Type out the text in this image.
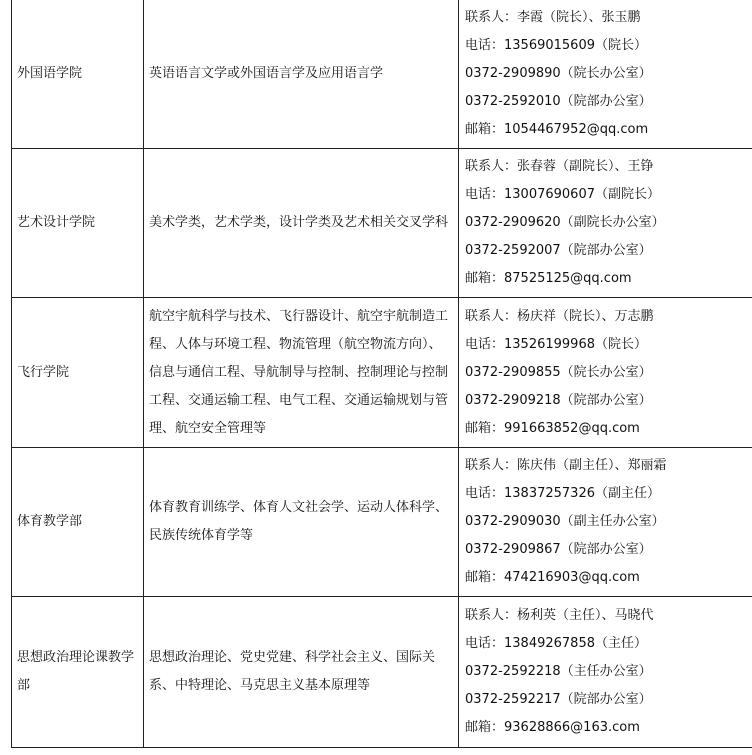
外国语学院	英语语言文学或外国语言学及应用语言学	联系人：李霞（院长）、张玉鹏
电话：13569015609（院长）
0372-2909890（院长办公室）
0372-2592010（院部办公室）
邮箱：1054467952@qq.com

艺术设计学院	美术学类，艺术学类，设计学类及艺术相关交叉学科	联系人：张春蓉（副院长）、王铮
电话：13007690607（副院长）
0372-2909620（副院长办公室）
0372-2592007（院部办公室）
邮箱：87525125@qq.com

飞行学院	航空宇航科学与技术、飞行器设计、航空宇航制造工程、人体与环境工程、物流管理（航空物流方向）、信息与通信工程、导航制导与控制、控制理论与控制工程、交通运输工程、电气工程、交通运输规划与管理、航空安全管理等	联系人：杨庆祥（院长）、万志鹏
电话：13526199968（院长）
0372-2909855（院长办公室）
0372-2909218（院部办公室）
邮箱：991663852@qq.com

体育教学部	体育教育训练学、体育人文社会学、运动人体科学、民族传统体育学等	联系人：陈庆伟（副主任）、郑丽霜
电话：13837257326（副主任）
0372-2909030（副主任办公室）
0372-2909867（院部办公室）
邮箱：474216903@qq.com

思想政治理论课教学部	思想政治理论、党史党建、科学社会主义、国际关系、中特理论、马克思主义基本原理等	联系人：杨利英（主任）、马晓代
电话：13849267858（主任）
0372-2592218（主任办公室）
0372-2592217（院部办公室）
邮箱：93628866@163.com
